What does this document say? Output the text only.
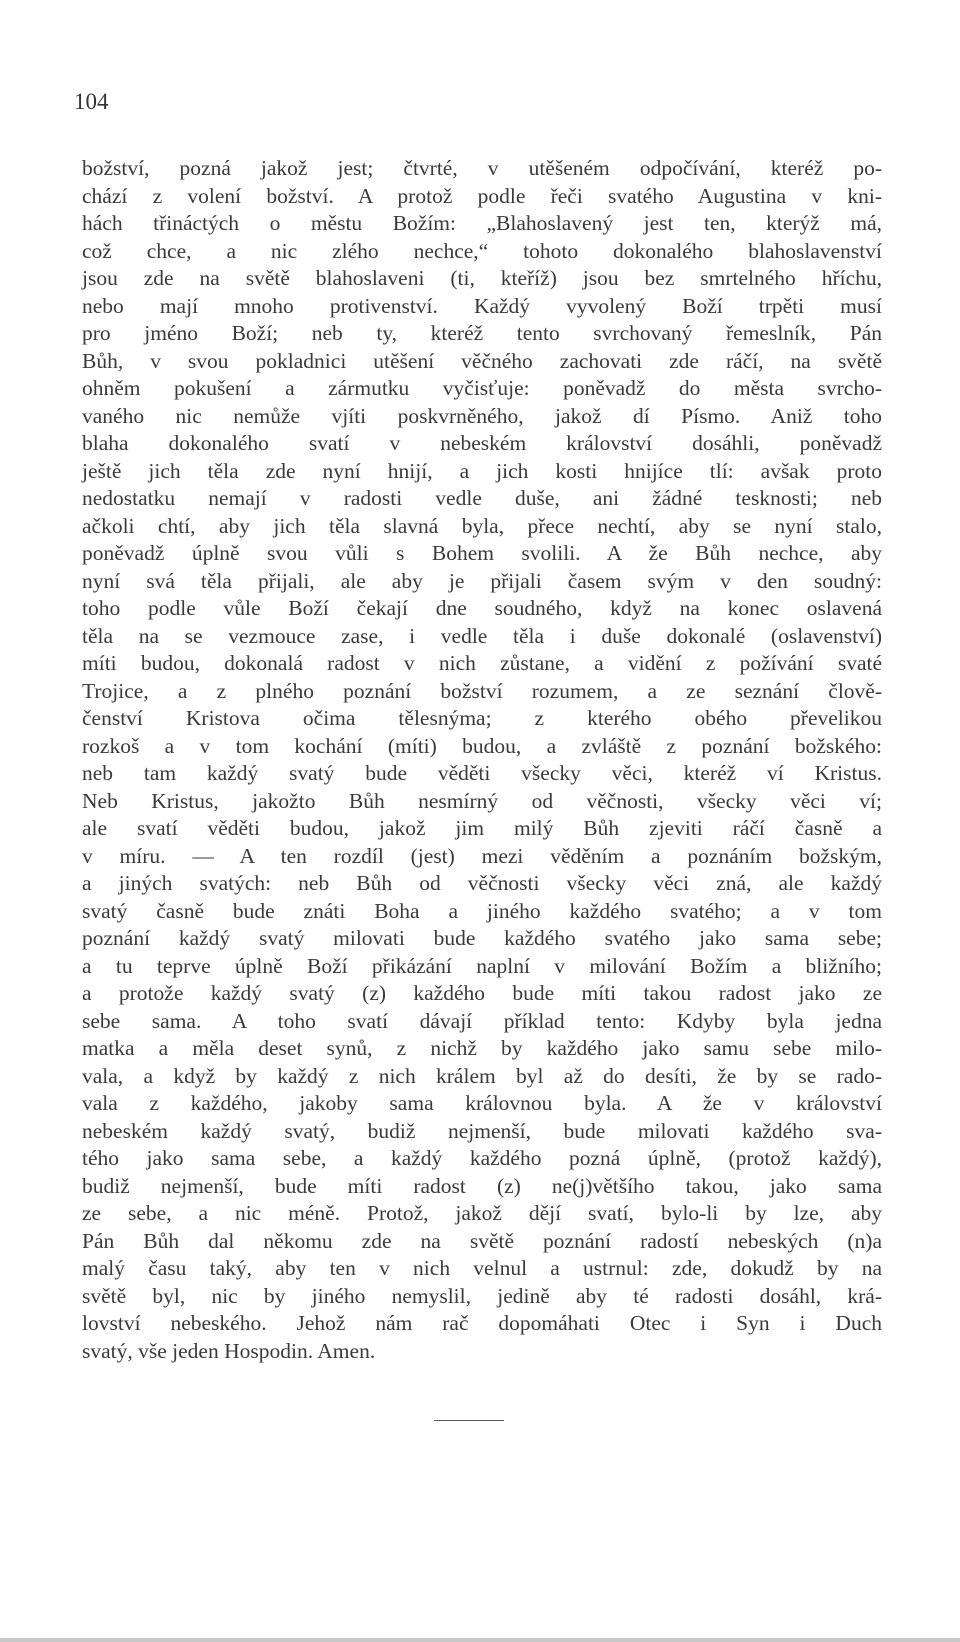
104
božství, pozná jakož jest; čtvrté, v utěšeném odpočívání, kteréž po-
chází z volení božství. A protož podle řeči svatého Augustina v kni-
hách třináctých o městu Božím: „Blahoslavený jest ten, kterýž má,
což chce, a nic zlého nechce,“ tohoto dokonalého blahoslavenství
jsou zde na světě blahoslaveni (ti, kteříž) jsou bez smrtelného hříchu,
nebo mají mnoho protivenství. Každý vyvolený Boží trpěti musí
pro jméno Boží; neb ty, kteréž tento svrchovaný řemeslník, Pán
Bůh, v svou pokladnici utěšení věčného zachovati zde ráčí, na světě
ohněm pokušení a zármutku vyčisťuje: poněvadž do města svrcho-
vaného nic nemůže vjíti poskvrněného, jakož dí Písmo. Aniž toho
blaha dokonalého svatí v nebeském království dosáhli, poněvadž
ještě jich těla zde nyní hnijí, a jich kosti hnijíce tlí: avšak proto
nedostatku nemají v radosti vedle duše, ani žádné tesknosti; neb
ačkoli chtí, aby jich těla slavná byla, přece nechtí, aby se nyní stalo,
poněvadž úplně svou vůli s Bohem svolili. A že Bůh nechce, aby
nyní svá těla přijali, ale aby je přijali časem svým v den soudný:
toho podle vůle Boží čekají dne soudného, když na konec oslavená
těla na se vezmouce zase, i vedle těla i duše dokonalé (oslavenství)
míti budou, dokonalá radost v nich zůstane, a vidění z požívání svaté
Trojice, a z plného poznání božství rozumem, a ze seznání člově-
čenství Kristova očima tělesnýma; z kterého obého převelikou
rozkoš a v tom kochání (míti) budou, a zvláště z poznání božského:
neb tam každý svatý bude věděti všecky věci, kteréž ví Kristus.
Neb Kristus, jakožto Bůh nesmírný od věčnosti, všecky věci ví;
ale svatí věděti budou, jakož jim milý Bůh zjeviti ráčí časně a
v míru. — A ten rozdíl (jest) mezi věděním a poznáním božským,
a jiných svatých: neb Bůh od věčnosti všecky věci zná, ale každý
svatý časně bude znáti Boha a jiného každého svatého; a v tom
poznání každý svatý milovati bude každého svatého jako sama sebe;
a tu teprve úplně Boží přikázání naplní v milování Božím a bližního;
a protože každý svatý (z) každého bude míti takou radost jako ze
sebe sama. A toho svatí dávají příklad tento: Kdyby byla jedna
matka a měla deset synů, z nichž by každého jako samu sebe milo-
vala, a když by každý z nich králem byl až do desíti, že by se rado-
vala z každého, jakoby sama královnou byla. A že v království
nebeském každý svatý, budiž nejmenší, bude milovati každého sva-
tého jako sama sebe, a každý každého pozná úplně, (protož každý),
budiž nejmenší, bude míti radost (z) ne(j)většího takou, jako sama
ze sebe, a nic méně. Protož, jakož dějí svatí, bylo-li by lze, aby
Pán Bůh dal někomu zde na světě poznání radostí nebeských (n)a
malý času taký, aby ten v nich velnul a ustrnul: zde, dokudž by na
světě byl, nic by jiného nemyslil, jedině aby té radosti dosáhl, krá-
lovství nebeského. Jehož nám rač dopomáhati Otec i Syn i Duch
svatý, vše jeden Hospodin. Amen.
